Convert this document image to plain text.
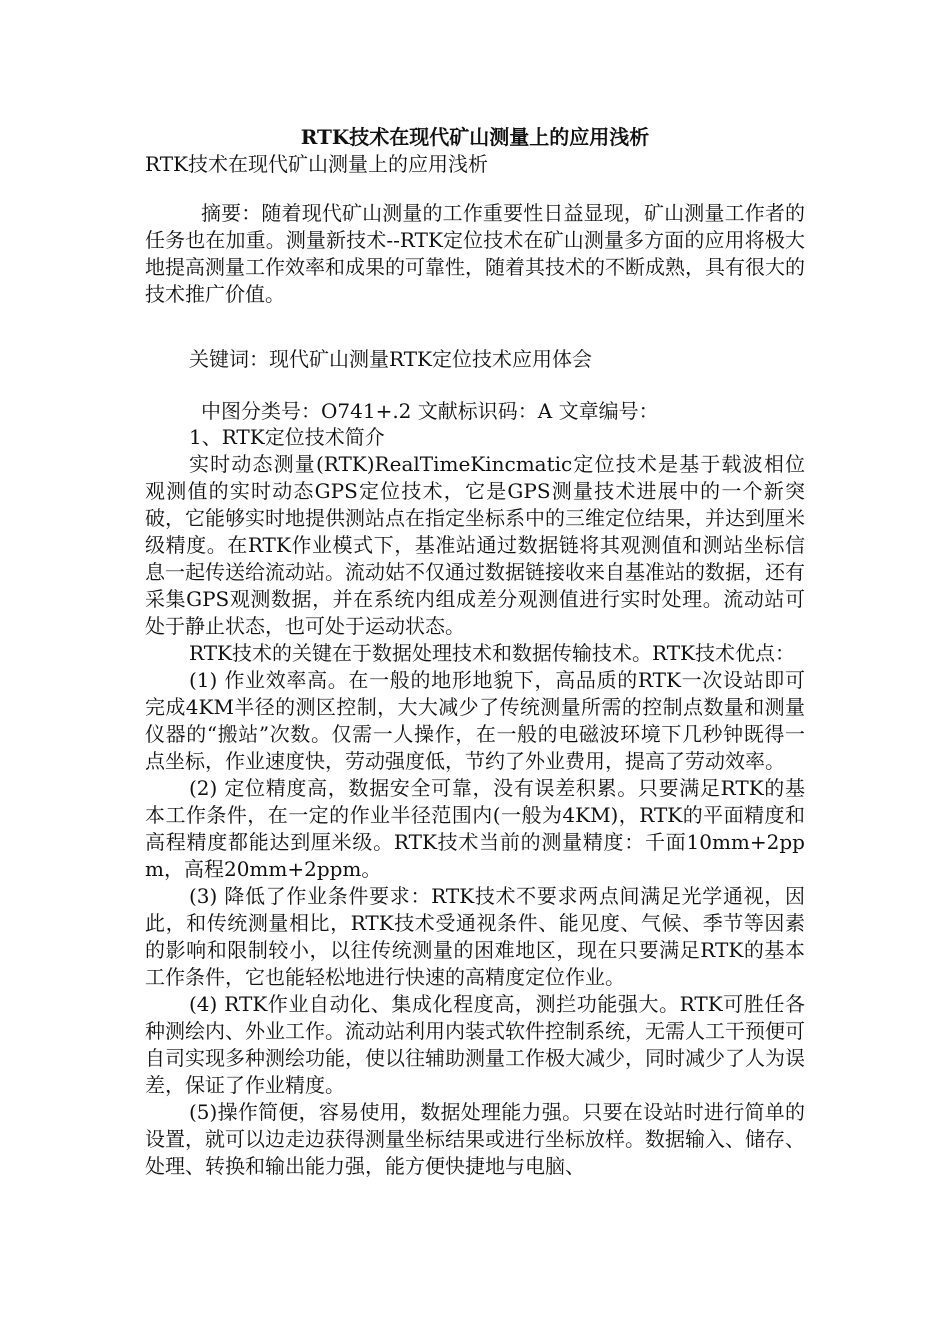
RTK技术在现代矿山测量上的应用浅析
RTK技术在现代矿山测量上的应用浅析
摘要：随着现代矿山测量的工作重要性日益显现，矿山测量工作者的任务也在加重。测量新技术--RTK定位技术在矿山测量多方面的应用将极大地提高测量工作效率和成果的可靠性，随着其技术的不断成熟，具有很大的技术推广价值。
关键词：现代矿山测量RTK定位技术应用体会
中图分类号：O741+.2 文献标识码：A 文章编号：

1、RTK定位技术简介

实时动态测量(RTK)RealTimeKincmatic定位技术是基于载波相位观测值的实时动态GPS定位技术，它是GPS测量技术进展中的一个新突破，它能够实时地提供测站点在指定坐标系中的三维定位结果，并达到厘米级精度。在RTK作业模式下，基准站通过数据链将其观测值和测站坐标信息一起传送给流动站。流动姑不仅通过数据链接收来自基准站的数据，还有采集GPS观测数据，并在系统内组成差分观测值进行实时处理。流动站可处于静止状态，也可处于运动状态。

RTK技术的关键在于数据处理技术和数据传输技术。RTK技术优点：

(1) 作业效率高。在一般的地形地貌下，高品质的RTK一次设站即可完成4KM半径的测区控制，大大减少了传统测量所需的控制点数量和测量仪器的“搬站”次数。仅需一人操作，在一般的电磁波环境下几秒钟既得一点坐标，作业速度快，劳动强度低，节约了外业费用，提高了劳动效率。

(2) 定位精度高，数据安全可靠，没有误差积累。只要满足RTK的基本工作条件，在一定的作业半径范围内(一般为4KM)，RTK的平面精度和高程精度都能达到厘米级。RTK技术当前的测量精度：千面10mm+2ppm，高程20mm+2ppm。

(3) 降低了作业条件要求：RTK技术不要求两点间满足光学通视，因此，和传统测量相比，RTK技术受通视条件、能见度、气候、季节等因素的影响和限制较小，以往传统测量的困难地区，现在只要满足RTK的基本工作条件，它也能轻松地进行快速的高精度定位作业。

(4) RTK作业自动化、集成化程度高，测拦功能强大。RTK可胜任各种测绘内、外业工作。流动站利用内装式软件控制系统，无需人工干预便可自司实现多种测绘功能，使以往辅助测量工作极大减少，同时减少了人为误差，保证了作业精度。

(5)操作简便，容易使用，数据处理能力强。只要在设站时进行简单的设置，就可以边走边获得测量坐标结果或进行坐标放样。数据输入、储存、处理、转换和输出能力强，能方便快捷地与电脑、
